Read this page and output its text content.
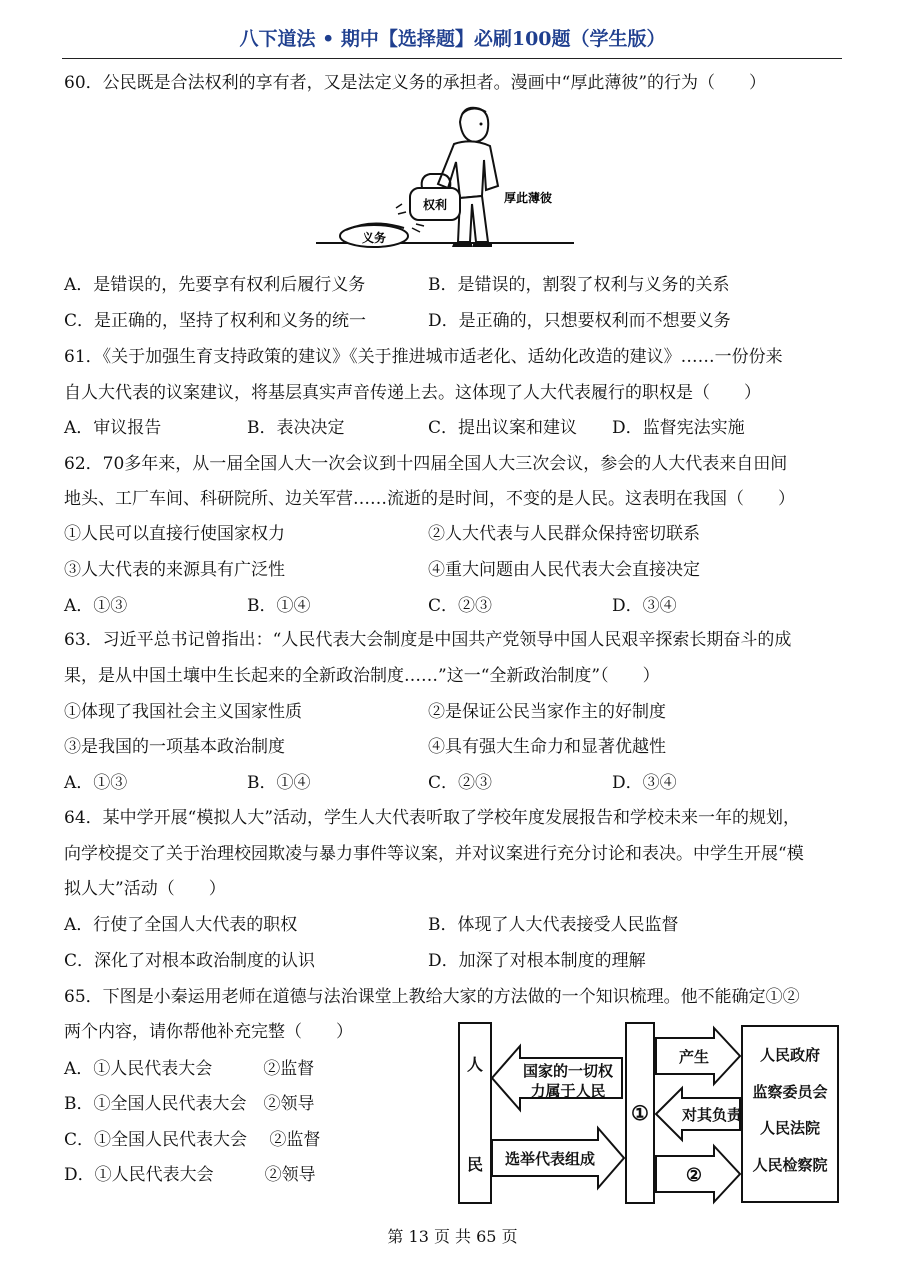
八下道法 • 期中【选择题】必刷100题（学生版）
60．公民既是合法权利的享有者，又是法定义务的承担者。漫画中“厚此薄彼”的行为（　　）
权利
义务
厚此薄彼
A．是错误的，先要享有权利后履行义务	B．是错误的，割裂了权利与义务的关系
C．是正确的，坚持了权利和义务的统一	D．是正确的，只想要权利而不想要义务
61．《关于加强生育支持政策的建议》《关于推进城市适老化、适幼化改造的建议》……一份份来
自人大代表的议案建议，将基层真实声音传递上去。这体现了人大代表履行的职权是（　　）
A．审议报告	B．表决决定	C．提出议案和建议 D．监督宪法实施
62．70多年来，从一届全国人大一次会议到十四届全国人大三次会议，参会的人大代表来自田间
地头、工厂车间、科研院所、边关军营……流逝的是时间，不变的是人民。这表明在我国（　　）
①人民可以直接行使国家权力	②人大代表与人民群众保持密切联系
③人大代表的来源具有广泛性	④重大问题由人民代表大会直接决定
A．①③	B．①④	C．②③	D．③④
63．习近平总书记曾指出：“人民代表大会制度是中国共产党领导中国人民艰辛探索长期奋斗的成
果，是从中国土壤中生长起来的全新政治制度……”这一“全新政治制度”（　　）
①体现了我国社会主义国家性质	②是保证公民当家作主的好制度
③是我国的一项基本政治制度	④具有强大生命力和显著优越性
A．①③	B．①④	C．②③	D．③④
64．某中学开展“模拟人大”活动，学生人大代表听取了学校年度发展报告和学校未来一年的规划，
向学校提交了关于治理校园欺凌与暴力事件等议案，并对议案进行充分讨论和表决。中学生开展“模
拟人大”活动（　　）
A．行使了全国人大代表的职权	B．体现了人大代表接受人民监督
C．深化了对根本政治制度的认识	D．加深了对根本制度的理解
65．下图是小秦运用老师在道德与法治课堂上教给大家的方法做的一个知识梳理。他不能确定①②
两个内容，请你帮他补充完整（　　）
A．①人民代表大会　　　②监督
B．①全国人民代表大会　②领导
C．①全国人民代表大会　 ②监督
D．①人民代表大会　　　②领导
人
民
国家的一切权
力属于人民
选举代表组成
①
产生
对其负责
②
人民政府
监察委员会
人民法院
人民检察院
第 13 页 共 65 页
